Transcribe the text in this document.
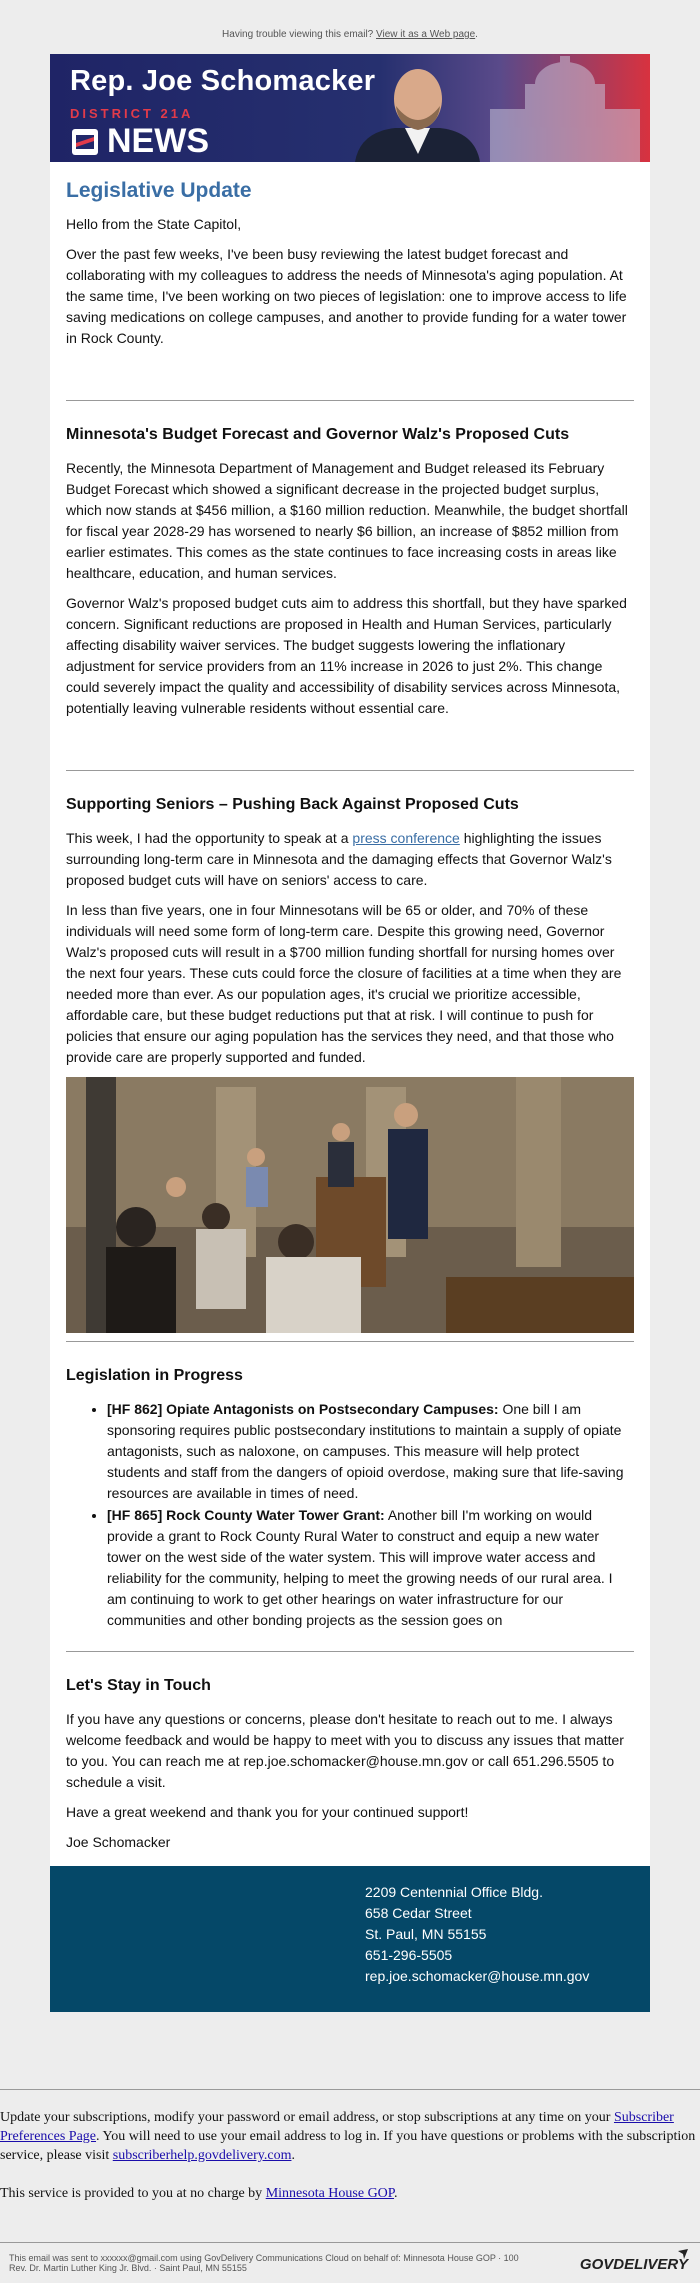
Having trouble viewing this email? View it as a Web page.
Rep. Joe Schomacker
DISTRICT 21A
NEWS
Legislative Update

Hello from the State Capitol,

Over the past few weeks, I've been busy reviewing the latest budget forecast and collaborating with my colleagues to address the needs of Minnesota's aging population. At the same time, I've been working on two pieces of legislation: one to improve access to life saving medications on college campuses, and another to provide funding for a water tower in Rock County.

Minnesota's Budget Forecast and Governor Walz's Proposed Cuts

Recently, the Minnesota Department of Management and Budget released its February Budget Forecast which showed a significant decrease in the projected budget surplus, which now stands at $456 million, a $160 million reduction. Meanwhile, the budget shortfall for fiscal year 2028-29 has worsened to nearly $6 billion, an increase of $852 million from earlier estimates. This comes as the state continues to face increasing costs in areas like healthcare, education, and human services.

Governor Walz's proposed budget cuts aim to address this shortfall, but they have sparked concern. Significant reductions are proposed in Health and Human Services, particularly affecting disability waiver services. The budget suggests lowering the inflationary adjustment for service providers from an 11% increase in 2026 to just 2%. This change could severely impact the quality and accessibility of disability services across Minnesota, potentially leaving vulnerable residents without essential care.

Supporting Seniors – Pushing Back Against Proposed Cuts

This week, I had the opportunity to speak at a press conference highlighting the issues surrounding long-term care in Minnesota and the damaging effects that Governor Walz's proposed budget cuts will have on seniors' access to care.

In less than five years, one in four Minnesotans will be 65 or older, and 70% of these individuals will need some form of long-term care. Despite this growing need, Governor Walz's proposed cuts will result in a $700 million funding shortfall for nursing homes over the next four years. These cuts could force the closure of facilities at a time when they are needed more than ever. As our population ages, it's crucial we prioritize accessible, affordable care, but these budget reductions put that at risk. I will continue to push for policies that ensure our aging population has the services they need, and that those who provide care are properly supported and funded.

Legislation in Progress
• [HF 862] Opiate Antagonists on Postsecondary Campuses: One bill I am sponsoring requires public postsecondary institutions to maintain a supply of opiate antagonists, such as naloxone, on campuses. This measure will help protect students and staff from the dangers of opioid overdose, making sure that life-saving resources are available in times of need.
• [HF 865] Rock County Water Tower Grant: Another bill I'm working on would provide a grant to Rock County Rural Water to construct and equip a new water tower on the west side of the water system. This will improve water access and reliability for the community, helping to meet the growing needs of our rural area. I am continuing to work to get other hearings on water infrastructure for our communities and other bonding projects as the session goes on
Let's Stay in Touch

If you have any questions or concerns, please don't hesitate to reach out to me. I always welcome feedback and would be happy to meet with you to discuss any issues that matter to you. You can reach me at rep.joe.schomacker@house.mn.gov or call 651.296.5505 to schedule a visit.

Have a great weekend and thank you for your continued support!

Joe Schomacker

2209 Centennial Office Bldg.
658 Cedar Street
St. Paul, MN 55155
651-296-5505
rep.joe.schomacker@house.mn.gov

Update your subscriptions, modify your password or email address, or stop subscriptions at any time on your Subscriber Preferences Page. You will need to use your email address to log in. If you have questions or problems with the subscription service, please visit subscriberhelp.govdelivery.com.

This service is provided to you at no charge by Minnesota House GOP.

This email was sent to xxxxxx@gmail.com using GovDelivery Communications Cloud on behalf of: Minnesota House GOP · 100
Rev. Dr. Martin Luther King Jr. Blvd. · Saint Paul, MN 55155	GOVDELIVERY
